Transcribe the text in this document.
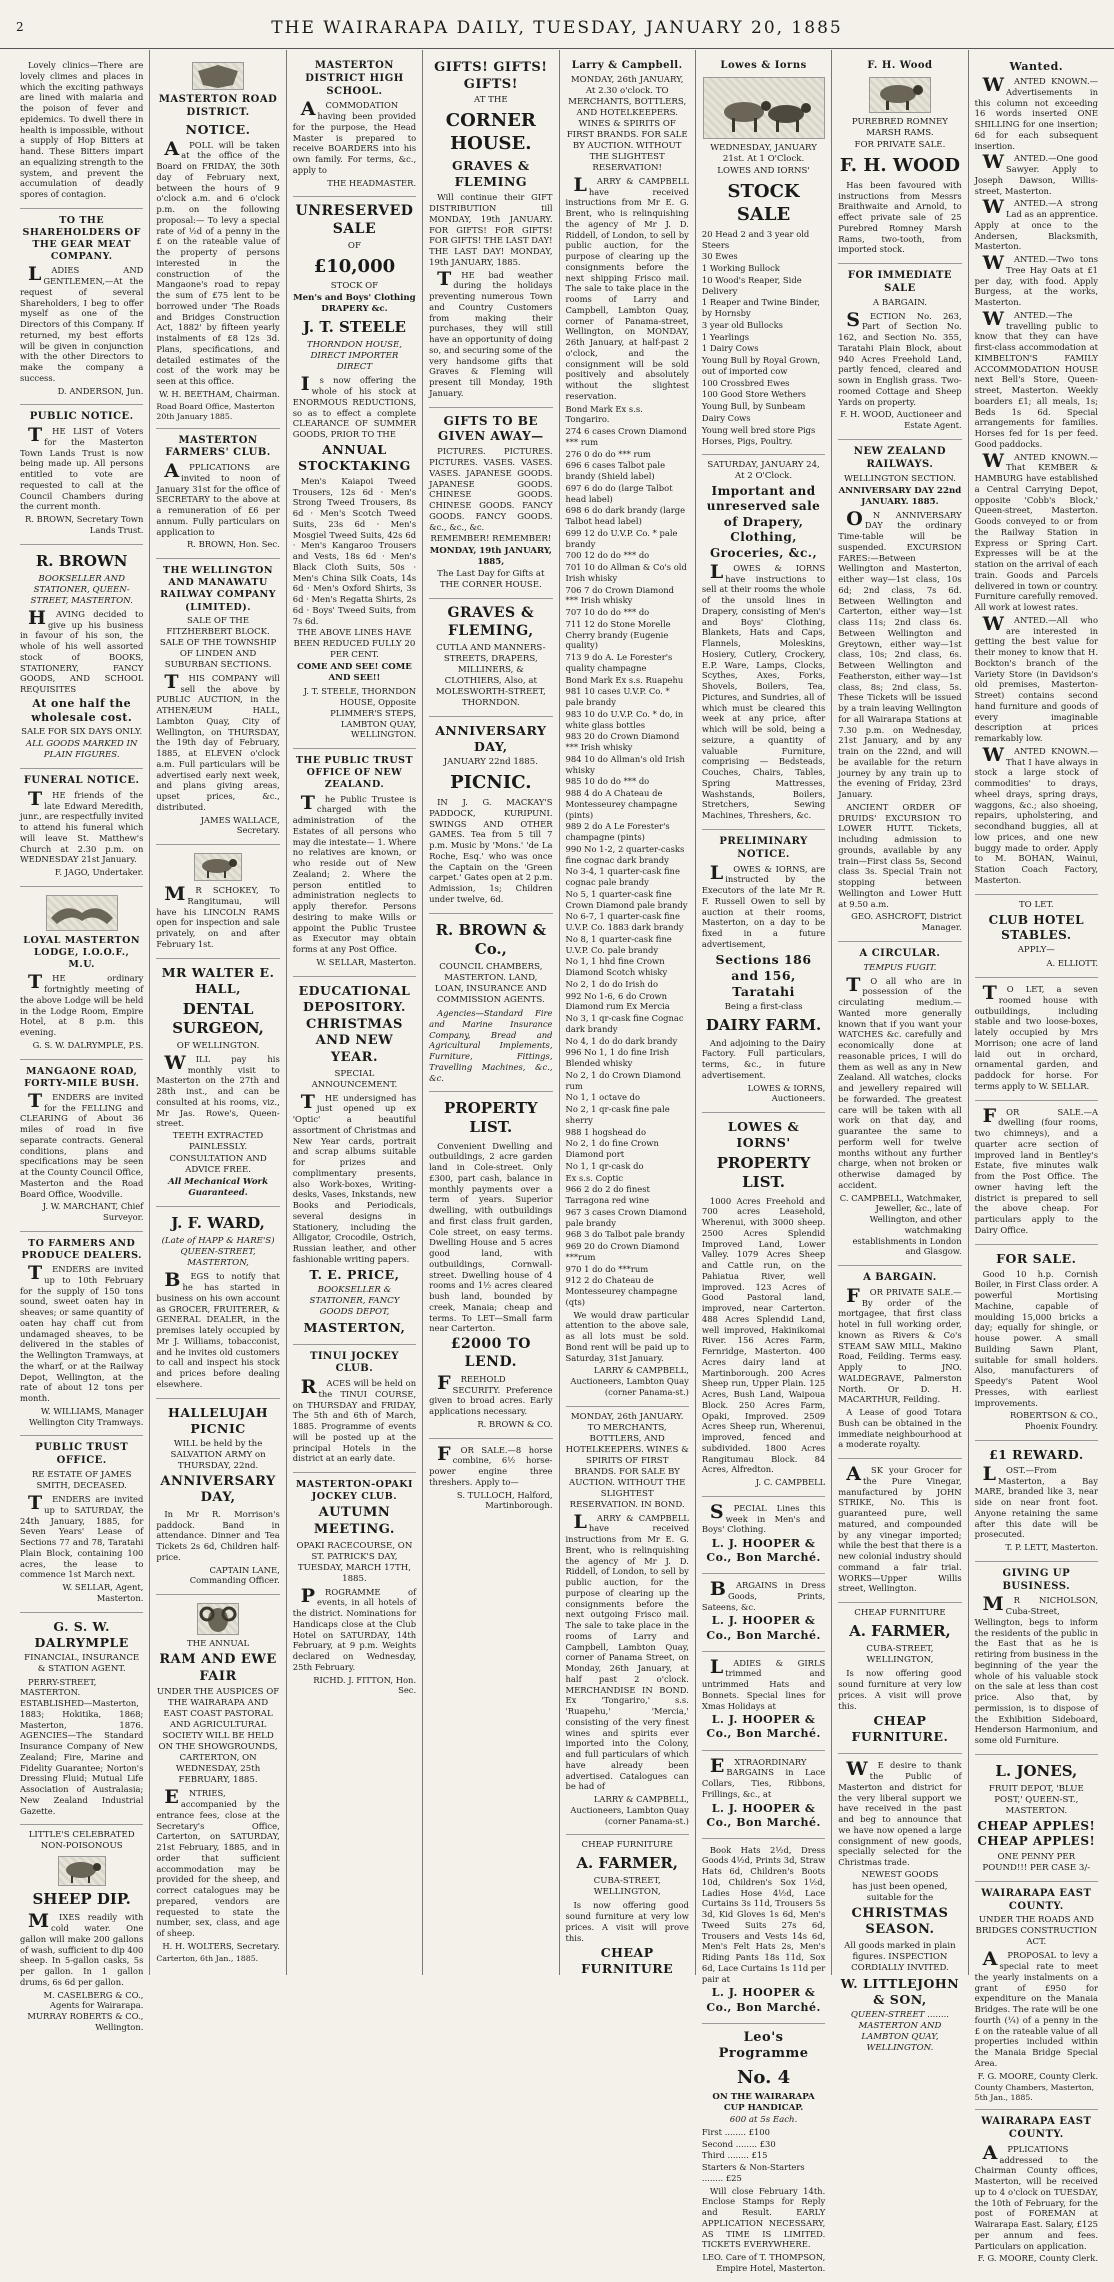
2	THE WAIRARAPA DAILY, TUESDAY, JANUARY 20, 1885

Lovely clinics—There are lovely climes and places in which the exciting pathways are lined with malaria and the poison of fever and epidemics. To dwell there in health is impossible, without a supply of Hop Bitters at hand. These Bitters impart an equalizing strength to the system, and prevent the accumulation of deadly spores of contagion.

TO THE SHAREHOLDERS OF THE GEAR MEAT COMPANY.

LADIES AND GENTLEMEN,—At the request of several Shareholders, I beg to offer myself as one of the Directors of this Company. If returned, my best efforts will be given in conjunction with the other Directors to make the company a success.

D. ANDERSON, Jun.
PUBLIC NOTICE.

THE LIST of Voters for the Masterton Town Lands Trust is now being made up. All persons entitled to vote are requested to call at the Council Chambers during the current month.

R. BROWN, Secretary Town Lands Trust.
R. BROWN
BOOKSELLER AND STATIONER, QUEEN-STREET, MASTERTON.

HAVING decided to give up his business in favour of his son, the whole of his well assorted stock of BOOKS, STATIONERY, FANCY GOODS, AND SCHOOL REQUISITES

At one half the wholesale cost.
SALE FOR SIX DAYS ONLY.
ALL GOODS MARKED IN PLAIN FIGURES.
FUNERAL NOTICE.

THE friends of the late Edward Meredith, junr., are respectfully invited to attend his funeral which will leave St. Matthew's Church at 2.30 p.m. on WEDNESDAY 21st January.

F. JAGO, Undertaker.
LOYAL MASTERTON LODGE, I.O.O.F., M.U.

THE ordinary fortnightly meeting of the above Lodge will be held in the Lodge Room, Empire Hotel, at 8 p.m. this evening.

G. S. W. DALRYMPLE, P.S.
MANGAONE ROAD, FORTY-MILE BUSH.

TENDERS are invited for the FELLING and CLEARING of About 36 miles of road in five separate contracts. General conditions, plans and specifications may be seen at the County Council Office, Masterton and the Road Board Office, Woodville.

J. W. MARCHANT, Chief Surveyor.
TO FARMERS AND PRODUCE DEALERS.

TENDERS are invited up to 10th February for the supply of 150 tons sound, sweet oaten hay in sheaves; or same quantity of oaten hay chaff cut from undamaged sheaves, to be delivered in the stables of the Wellington Tramways, at the wharf, or at the Railway Depot, Wellington, at the rate of about 12 tons per month.

W. WILLIAMS, Manager Wellington City Tramways.
PUBLIC TRUST OFFICE.
RE ESTATE OF JAMES SMITH, DECEASED.

TENDERS are invited up to SATURDAY, the 24th January, 1885, for Seven Years' Lease of Sections 77 and 78, Taratahi Plain Block, containing 100 acres, the lease to commence 1st March next.

W. SELLAR, Agent, Masterton.
G. S. W. DALRYMPLE
FINANCIAL, INSURANCE & STATION AGENT.

PERRY-STREET, MASTERTON. ESTABLISHED—Masterton, 1883; Hokitika, 1868; Masterton, 1876. AGENCIES—The Standard Insurance Company of New Zealand; Fire, Marine and Fidelity Guarantee; Norton's Dressing Fluid; Mutual Life Association of Australasia; New Zealand Industrial Gazette.

LITTLE'S CELEBRATED NON-POISONOUS
SHEEP DIP.

MIXES readily with cold water. One gallon will make 200 gallons of wash, sufficient to dip 400 sheep. In 5-gallon casks, 5s per gallon. In 1 gallon drums, 6s 6d per gallon.

M. CASELBERG & CO., Agents for Wairarapa. MURRAY ROBERTS & CO., Wellington.
MASTERTON ROAD DISTRICT.
NOTICE.

APOLL will be taken at the office of the Board on FRIDAY, the 30th day of February next, between the hours of 9 o'clock a.m. and 6 o'clock p.m. on the following proposal:— To levy a special rate of ½d of a penny in the £ on the rateable value of the property of persons interested in the construction of the Mangaone's road to repay the sum of £75 lent to be borrowed under 'The Roads and Bridges Construction Act, 1882' by fifteen yearly instalments of £8 12s 3d. Plans, specifications, and detailed estimates of the cost of the work may be seen at this office.

W. H. BEETHAM, Chairman.
Road Board Office, Masterton 20th January 1885.
MASTERTON FARMERS' CLUB.

APPLICATIONS are invited to noon of January 31st for the office of SECRETARY to the above at a remuneration of £6 per annum. Fully particulars on application to

R. BROWN, Hon. Sec.
THE WELLINGTON AND MANAWATU RAILWAY COMPANY (LIMITED).
SALE OF THE FITZHERBERT BLOCK. SALE OF THE TOWNSHIP OF LINDEN AND SUBURBAN SECTIONS.

THIS COMPANY will sell the above by PUBLIC AUCTION, in the ATHENÆUM HALL, Lambton Quay, City of Wellington, on THURSDAY, the 19th day of February, 1885, at ELEVEN o'clock a.m. Full particulars will be advertised early next week, and plans giving areas, upset prices, &c., distributed.

JAMES WALLACE, Secretary.

MR SCHOKEY, To Rangitumau, will have his LINCOLN RAMS open for inspection and sale privately, on and after February 1st.

MR WALTER E. HALL,
DENTAL SURGEON,
OF WELLINGTON.

WILL pay his monthly visit to Masterton on the 27th and 28th inst., and can be consulted at his rooms, viz., Mr Jas. Rowe's, Queen-street.

TEETH EXTRACTED PAINLESSLY.
CONSULTATION AND ADVICE FREE.
All Mechanical Work Guaranteed.
J. F. WARD,
(Late of HAPP & HARE'S) QUEEN-STREET, MASTERTON,

BEGS to notify that he has started in business on his own account as GROCER, FRUITERER, & GENERAL DEALER, in the premises lately occupied by Mr J. Williams, tobacconist, and he invites old customers to call and inspect his stock and prices before dealing elsewhere.

HALLELUJAH PICNIC
WILL be held by the SALVATION ARMY on THURSDAY, 22nd.
ANNIVERSARY DAY,

In Mr R. Morrison's paddock. Band in attendance. Dinner and Tea Tickets 2s 6d, Children half-price.

CAPTAIN LANE, Commanding Officer.
THE ANNUAL
RAM AND EWE FAIR
UNDER THE AUSPICES OF THE WAIRARAPA AND EAST COAST PASTORAL AND AGRICULTURAL SOCIETY WILL BE HELD ON THE SHOWGROUNDS, CARTERTON, ON WEDNESDAY, 25th FEBRUARY, 1885.

ENTRIES, accompanied by the entrance fees, close at the Secretary's Office, Carterton, on SATURDAY, 21st February, 1885, and in order that sufficient accommodation may be provided for the sheep, and correct catalogues may be prepared, vendors are requested to state the number, sex, class, and age of sheep.

H. H. WOLTERS, Secretary.
Carterton, 6th Jan., 1885.
MASTERTON DISTRICT HIGH SCHOOL.

ACOMMODATION having been provided for the purpose, the Head Master is prepared to receive BOARDERS into his own family. For terms, &c., apply to

THE HEADMASTER.
UNRESERVED SALE
OF
£10,000
STOCK OF
Men's and Boys' Clothing DRAPERY &c.
J. T. STEELE
THORNDON HOUSE, DIRECT IMPORTER DIRECT

Is now offering the whole of his stock at ENORMOUS REDUCTIONS, so as to effect a complete CLEARANCE OF SUMMER GOODS, PRIOR TO THE

ANNUAL STOCKTAKING

Men's Kaiapoi Tweed Trousers, 12s 6d · Men's Strong Tweed Trousers, 8s 6d · Men's Scotch Tweed Suits, 23s 6d · Men's Mosgiel Tweed Suits, 42s 6d · Men's Kangaroo Trousers and Vests, 18s 6d · Men's Black Cloth Suits, 50s · Men's China Silk Coats, 14s 6d · Men's Oxford Shirts, 3s 6d · Men's Regatta Shirts, 2s 6d · Boys' Tweed Suits, from 7s 6d.

THE ABOVE LINES HAVE BEEN REDUCED FULLY 20 PER CENT.
COME AND SEE! COME AND SEE!!
J. T. STEELE, THORNDON HOUSE, Opposite PLIMMER'S STEPS, LAMBTON QUAY, WELLINGTON.
THE PUBLIC TRUST OFFICE OF NEW ZEALAND.

The Public Trustee is charged with the administration of the Estates of all persons who may die intestate— 1. Where no relatives are known, or who reside out of New Zealand; 2. Where the person entitled to administration neglects to apply therefor. Persons desiring to make Wills or appoint the Public Trustee as Executor may obtain forms at any Post Office.

W. SELLAR, Masterton.
EDUCATIONAL DEPOSITORY.
CHRISTMAS AND NEW YEAR.
SPECIAL ANNOUNCEMENT.

THE undersigned has just opened up ex 'Optic' a beautiful assortment of Christmas and New Year cards, portrait and scrap albums suitable for prizes and complimentary presents, also Work-boxes, Writing-desks, Vases, Inkstands, new Books and Periodicals, several designs in Stationery, including the Alligator, Crocodile, Ostrich, Russian leather, and other fashionable writing papers.

T. E. PRICE,
BOOKSELLER & STATIONER, FANCY GOODS DEPOT,
MASTERTON,
TINUI JOCKEY CLUB.

RACES will be held on the TINUI COURSE, on THURSDAY and FRIDAY, The 5th and 6th of March, 1885. Programme of events will be posted up at the principal Hotels in the district at an early date.

MASTERTON-OPAKI JOCKEY CLUB.
AUTUMN MEETING.
OPAKI RACECOURSE, ON ST. PATRICK'S DAY, TUESDAY, MARCH 17TH, 1885.

PROGRAMME of events, in all hotels of the district. Nominations for Handicaps close at the Club Hotel on SATURDAY, 14th February, at 9 p.m. Weights declared on Wednesday, 25th February.

RICHD. J. FITTON, Hon. Sec.
GIFTS! GIFTS! GIFTS!
AT THE
CORNER HOUSE.
GRAVES & FLEMING

Will continue their GIFT DISTRIBUTION till MONDAY, 19th JANUARY. FOR GIFTS! FOR GIFTS! FOR GIFTS! THE LAST DAY! THE LAST DAY! MONDAY, 19th JANUARY, 1885.

THE bad weather during the holidays preventing numerous Town and Country Customers from making their purchases, they will still have an opportunity of doing so, and securing some of the very handsome gifts that Graves & Fleming will present till Monday, 19th January.

GIFTS TO BE GIVEN AWAY—

PICTURES. PICTURES. PICTURES. VASES. VASES. VASES. JAPANESE GOODS. JAPANESE GOODS. CHINESE GOODS. CHINESE GOODS. FANCY GOODS. FANCY GOODS. &c., &c., &c.

REMEMBER! REMEMBER!
MONDAY, 19th JANUARY, 1885,
The Last Day for Gifts at THE CORNER HOUSE.
GRAVES & FLEMING,
CUTLA AND MANNERS-STREETS, DRAPERS, MILLINERS, & CLOTHIERS, Also, at MOLESWORTH-STREET, THORNDON.
ANNIVERSARY DAY,
JANUARY 22nd 1885.
PICNIC.

IN J. G. MACKAY'S PADDOCK, KURIPUNI. SWINGS AND OTHER GAMES. Tea from 5 till 7 p.m. Music by 'Mons.' 'de La Roche, Esq.' who was once the Captain on the 'Green carpet.' Gates open at 2 p.m. Admission, 1s; Children under twelve, 6d.

R. BROWN & Co.,
COUNCIL CHAMBERS, MASTERTON. LAND, LOAN, INSURANCE AND COMMISSION AGENTS.

Agencies—Standard Fire and Marine Insurance Company, Bread and Agricultural Implements, Furniture, Fittings, Travelling Machines, &c., &c.

PROPERTY LIST.

Convenient Dwelling and outbuildings, 2 acre garden land in Cole-street. Only £300, part cash, balance in monthly payments over a term of years. Superior dwelling, with outbuildings and first class fruit garden, Cole street, on easy terms. Dwelling House and 5 acres good land, with outbuildings, Cornwall-street. Dwelling house of 4 rooms and 1½ acres cleared bush land, bounded by creek, Manaia; cheap and terms. To LET—Small farm near Carterton.

£2000 TO LEND.

FREEHOLD SECURITY. Preference given to broad acres. Early applications necessary.

R. BROWN & CO.

FOR SALE.—8 horse combine, 6½ horse-power engine three threshers. Apply to—

S. TULLOCH, Halford, Martinborough.
Larry & Campbell.
MONDAY, 26th JANUARY, At 2.30 o'clock. TO MERCHANTS, BOTTLERS, AND HOTELKEEPERS. WINES & SPIRITS OF FIRST BRANDS. FOR SALE BY AUCTION. WITHOUT THE SLIGHTEST RESERVATION!

LARRY & CAMPBELL have received instructions from Mr E. G. Brent, who is relinquishing the agency of Mr J. D. Riddell, of London, to sell by public auction, for the purpose of clearing up the consignments before the next shipping Frisco mail. The sale to take place in the rooms of Larry and Campbell, Lambton Quay, corner of Panama-street, Wellington, on MONDAY, 26th January, at half-past 2 o'clock, and the consignment will be sold positively and absolutely without the slightest reservation.

Bond Mark Ex s.s. Tongariro.
274 6 cases Crown Diamond *** rum
276 0 do do *** rum
696 6 cases Talbot pale brandy (Shield label)
697 6 do do (large Talbot head label)
698 6 do dark brandy (large Talbot head label)
699 12 do U.V.P. Co. * pale brandy
700 12 do do *** do
701 10 do Allman & Co's old Irish whisky
706 7 do Crown Diamond *** Irish whisky
707 10 do do *** do
711 12 do Stone Morelle Cherry brandy (Eugenie quality)
713 9 do A. Le Forester's quality champagne
Bond Mark Ex s.s. Ruapehu
981 10 cases U.V.P. Co. * pale brandy
983 10 do U.V.P. Co. * do, in white glass bottles
983 20 do Crown Diamond *** Irish whisky
984 10 do Allman's old Irish whisky
985 10 do do *** do
988 4 do A Chateau de Montesseurey champagne (pints)
989 2 do A Le Forester's champagne (pints)
990 No 1-2, 2 quarter-casks fine cognac dark brandy
No 3-4, 1 quarter-cask fine cognac pale brandy
No 5, 1 quarter-cask fine Crown Diamond pale brandy
No 6-7, 1 quarter-cask fine U.V.P. Co. 1883 dark brandy
No 8, 1 quarter-cask fine U.V.P. Co. pale brandy
No 1, 1 hhd fine Crown Diamond Scotch whisky
No 2, 1 do do Irish do
992 No 1-6, 6 do Crown Diamond rum Ex Mercia
No 3, 1 qr-cask fine Cognac dark brandy
No 4, 1 do do dark brandy
996 No 1, 1 do fine Irish Blended whisky
No 2, 1 do Crown Diamond rum
No 1, 1 octave do
No 2, 1 qr-cask fine pale sherry
988 1 hogshead do
No 2, 1 do fine Crown Diamond port
No 1, 1 qr-cask do
Ex s.s. Coptic
966 2 do 2 do finest Tarragona red wine
967 3 cases Crown Diamond pale brandy
968 3 do Talbot pale brandy
969 20 do Crown Diamond ***rum
970 1 do do ***rum
912 2 do Chateau de Montesseurey champagne (qts)

We would draw particular attention to the above sale, as all lots must be sold. Bond rent will be paid up to Saturday, 31st January.

LARRY & CAMPBELL, Auctioneers, Lambton Quay (corner Panama-st.)
MONDAY, 26th JANUARY. TO MERCHANTS, BOTTLERS, AND HOTELKEEPERS. WINES & SPIRITS OF FIRST BRANDS. FOR SALE BY AUCTION. WITHOUT THE SLIGHTEST RESERVATION. IN BOND.

LARRY & CAMPBELL have received instructions from Mr E. G. Brent, who is relinquishing the agency of Mr J. D. Riddell, of London, to sell by public auction, for the purpose of clearing up the consignments before the next outgoing Frisco mail. The sale to take place in the rooms of Larry and Campbell, Lambton Quay, corner of Panama Street, on Monday, 26th January, at half past 2 o'clock. MERCHANDISE IN BOND. Ex 'Tongariro,' s.s. 'Ruapehu,' 'Mercia,' consisting of the very finest wines and spirits ever imported into the Colony, and full particulars of which have already been advertised. Catalogues can be had of

LARRY & CAMPBELL, Auctioneers, Lambton Quay (corner Panama-st.)
CHEAP FURNITURE
A. FARMER,
CUBA-STREET, WELLINGTON,

Is now offering good sound furniture at very low prices. A visit will prove this.

CHEAP FURNITURE
Lowes & Iorns
WEDNESDAY, JANUARY 21st. At 1 O'Clock.
LOWES AND IORNS'
STOCK SALE
20 Head 2 and 3 year old Steers
30 Ewes
1 Working Bullock
10 Wood's Reaper, Side Delivery
1 Reaper and Twine Binder, by Hornsby
3 year old Bullocks
1 Yearlings
1 Dairy Cows
Young Bull by Royal Grown, out of imported cow
100 Crossbred Ewes
100 Good Store Wethers
Young Bull, by Sunbeam
Dairy Cows
Young well bred store Pigs
Horses, Pigs, Poultry.
SATURDAY, JANUARY 24, At 2 O'Clock.
Important and unreserved sale of Drapery, Clothing, Groceries, &c.,

LOWES & IORNS have instructions to sell at their rooms the whole of the unsold lines in Drapery, consisting of Men's and Boys' Clothing, Blankets, Hats and Caps, Flannels, Moleskins, Hosiery, Cutlery, Crockery, E.P. Ware, Lamps, Clocks, Scythes, Axes, Forks, Shovels, Boilers, Tea, Pictures, and Sundries, all of which must be cleared this week at any price, after which will be sold, being a seizure, a quantity of valuable Furniture, comprising — Bedsteads, Couches, Chairs, Tables, Spring Mattresses, Washstands, Boilers, Stretchers, Sewing Machines, Threshers, &c.

PRELIMINARY NOTICE.

LOWES & IORNS, are instructed by the Executors of the late Mr R. F. Russell Owen to sell by auction at their rooms, Masterton, on a day to be fixed in a future advertisement,

Sections 186 and 156, Taratahi
Being a first-class
DAIRY FARM.

And adjoining to the Dairy Factory. Full particulars, terms, &c., in future advertisement.

LOWES & IORNS, Auctioneers.
LOWES & IORNS'
PROPERTY LIST.

1000 Acres Freehold and 700 acres Leasehold, Wherenui, with 3000 sheep. 2500 Acres Splendid Improved Land, Lower Valley. 1079 Acres Sheep and Cattle run, on the Pahiatua River, well improved. 123 Acres of Good Pastoral land, improved, near Carterton. 488 Acres Splendid Land, well improved, Hakinikomai River. 156 Acres Farm, Fernridge, Masterton. 400 Acres dairy land at Martinborough. 200 Acres Sheep run, Upper Plain. 125 Acres, Bush Land, Waipoua Block. 250 Acres Farm, Opaki, Improved. 2509 Acres Sheep run, Wherenui, improved, fenced and subdivided. 1800 Acres Rangitumau Block. 84 Acres, Alfredton.

J. C. CAMPBELL

SPECIAL Lines this week in Men's and Boys' Clothing.

L. J. HOOPER & Co., Bon Marché.

BARGAINS in Dress Goods, Prints, Sateens, &c.

L. J. HOOPER & Co., Bon Marché.

LADIES & GIRLS trimmed and untrimmed Hats and Bonnets. Special lines for Xmas Holidays at

L. J. HOOPER & Co., Bon Marché.

EXTRAORDINARY BARGAINS in Lace Collars, Ties, Ribbons, Frillings, &c., at

L. J. HOOPER & Co., Bon Marché.

Book Hats 2½d, Dress Goods 4½d, Prints 3d, Straw Hats 6d, Children's Boots 10d, Children's Sox 1½d, Ladies Hose 4½d, Lace Curtains 3s 11d, Trousers 5s 3d, Kid Gloves 1s 6d, Men's Tweed Suits 27s 6d, Trousers and Vests 14s 6d, Men's Felt Hats 2s, Men's Riding Pants 18s 11d, Sox 6d, Lace Curtains 1s 11d per pair at

L. J. HOOPER & Co., Bon Marché.
Leo's Programme
No. 4
ON THE WAIRARAPA CUP HANDICAP.
600 at 5s Each.
First ........ £100
Second ........ £30
Third ........ £15
Starters & Non-Starters ........ £25

Will close February 14th. Enclose Stamps for Reply and Result. EARLY APPLICATION NECESSARY, AS TIME IS LIMITED. TICKETS EVERYWHERE.

LEO. Care of T. THOMPSON, Empire Hotel, Masterton.
F. H. Wood
PUREBRED ROMNEY MARSH RAMS.
FOR PRIVATE SALE.
F. H. WOOD

Has been favoured with instructions from Messrs Braithwaite and Arnold, to effect private sale of 25 Purebred Romney Marsh Rams, two-tooth, from imported stock.

FOR IMMEDIATE SALE
A BARGAIN.

SECTION No. 263, Part of Section No. 162, and Section No. 355, Taratahi Plain Block, about 940 Acres Freehold Land, partly fenced, cleared and sown in English grass. Two-roomed Cottage and Sheep Yards on property.

F. H. WOOD, Auctioneer and Estate Agent.
NEW ZEALAND RAILWAYS.
WELLINGTON SECTION.
ANNIVERSARY DAY 22nd JANUARY. 1885.

ON ANNIVERSARY DAY the ordinary Time-table will be suspended. EXCURSION FARES:—Between Wellington and Masterton, either way—1st class, 10s 6d; 2nd class, 7s 6d. Between Wellington and Carterton, either way—1st class 11s; 2nd class 6s. Between Wellington and Greytown, either way—1st class, 10s; 2nd class, 6s. Between Wellington and Featherston, either way—1st class, 8s; 2nd class, 5s. These Tickets will be issued by a train leaving Wellington for all Wairarapa Stations at 7.30 p.m. on Wednesday, 21st January, and by any train on the 22nd, and will be available for the return journey by any train up to the evening of Friday, 23rd January.

ANCIENT ORDER OF DRUIDS' EXCURSION TO LOWER HUTT. Tickets, including admission to grounds, available by any train—First class 5s, Second class 3s. Special Train not stopping between Wellington and Lower Hutt at 9.50 a.m.

GEO. ASHCROFT, District Manager.
A CIRCULAR.
TEMPUS FUGIT.

TO all who are in possession of the circulating medium.—Wanted more generally known that if you want your WATCHES &c. carefully and economically done at reasonable prices, I will do them as well as any in New Zealand. All watches, clocks and jewellery repaired will be forwarded. The greatest care will be taken with all work on that day, and guarantee the same to perform well for twelve months without any further charge, when not broken or otherwise damaged by accident.

C. CAMPBELL, Watchmaker, Jeweller, &c., late of Wellington, and other watchmaking establishments in London and Glasgow.
A BARGAIN.

FOR PRIVATE SALE.—By order of the mortgagee, that first class hotel in full working order, known as Rivers & Co's STEAM SAW MILL, Makino Road, Feilding. Terms easy. Apply to JNO. WALDEGRAVE, Palmerston North. Or D. H. MACARTHUR, Feilding.

A Lease of good Totara Bush can be obtained in the immediate neighbourhood at a moderate royalty.

ASK your Grocer for the Pure Vinegar, manufactured by JOHN STRIKE, No. This is guaranteed pure, well matured, and compounded by any vinegar imported; while the best that there is a new colonial industry should command a fair trial. WORKS—Upper Willis street, Wellington.

CHEAP FURNITURE
A. FARMER,
CUBA-STREET, WELLINGTON,

Is now offering good sound furniture at very low prices. A visit will prove this.

CHEAP FURNITURE.

WE desire to thank the Public of Masterton and district for the very liberal support we have received in the past and beg to announce that we have now opened a large consignment of new goods, specially selected for the Christmas trade.

NEWEST GOODS
has just been opened, suitable for the
CHRISTMAS SEASON.
All goods marked in plain figures. INSPECTION CORDIALLY INVITED.
W. LITTLEJOHN & SON,
QUEEN-STREET ........ MASTERTON AND LAMBTON QUAY, WELLINGTON.
Wanted.

WANTED KNOWN.—Advertisements in this column not exceeding 16 words inserted ONE SHILLING for one insertion; 6d for each subsequent insertion.

WANTED.—One good Sawyer. Apply to Joseph Dawson, Willis-street, Masterton.

WANTED.—A strong Lad as an apprentice. Apply at once to the Andersen, Blacksmith, Masterton.

WANTED.—Two tons Tree Hay Oats at £1 per day, with food. Apply Burgess, at the works, Masterton.

WANTED.—The travelling public to know that they can have first-class accommodation at KIMBELTON'S FAMILY ACCOMMODATION HOUSE next Bell's Store, Queen-street, Masterton. Weekly boarders £1; all meals, 1s; Beds 1s 6d. Special arrangements for families. Horses fed for 1s per feed. Good paddocks.

WANTED KNOWN.—That KEMBER & HAMBURG have established a Central Carrying Depot, opposite 'Cobb's Block,' Queen-street, Masterton. Goods conveyed to or from the Railway Station in Express or Spring Cart. Expresses will be at the station on the arrival of each train. Goods and Parcels delivered in town or country. Furniture carefully removed. All work at lowest rates.

WANTED.—All who are interested in getting the best value for their money to know that H. Bockton's branch of the Variety Store (in Davidson's old premises, Masterton-Street) contains second hand furniture and goods of every imaginable description at prices remarkably low.

WANTED KNOWN.—That I have always in stock a large stock of commodities' to drays, wheel drays, spring drays, waggons, &c.; also shoeing, repairs, upholstering, and secondhand buggies, all at low prices, and one new buggy made to order. Apply to M. BOHAN, Wainui, Station Coach Factory, Masterton.

TO LET.
CLUB HOTEL STABLES.
APPLY—
A. ELLIOTT.

TO LET, a seven roomed house with outbuildings, including stable and two loose-boxes, lately occupied by Mrs Morrison; one acre of land laid out in orchard, ornamental garden, and paddock for horse. For terms apply to W. SELLAR.

FOR SALE.—A dwelling (four rooms, two chimneys), and a quarter acre section of improved land in Bentley's Estate, five minutes walk from the Post Office. The owner having left the district is prepared to sell the above cheap. For particulars apply to the Dairy Office.

FOR SALE.

Good 10 h.p. Cornish Boiler, in First Class order. A powerful Mortising Machine, capable of moulding 15,000 bricks a day; equally for shingle, or house power. A small Building Sawn Plant, suitable for small holders. Also, manufacturers of Speedy's Patent Wool Presses, with earliest improvements.

ROBERTSON & CO., Phoenix Foundry.
£1 REWARD.

LOST.—From Masterton, a Bay MARE, branded like 3, near side on near front foot. Anyone retaining the same after this date will be prosecuted.

T. P. LETT, Masterton.
GIVING UP BUSINESS.

MR NICHOLSON, Cuba-Street, Wellington, begs to inform the residents of the public in the East that as he is retiring from business in the beginning of the year the whole of his valuable stock on the sale at less than cost price. Also that, by permission, is to dispose of the Exhibition Sideboard, Henderson Harmonium, and some old Furniture.

L. JONES,
FRUIT DEPOT, 'BLUE POST,' QUEEN-ST., MASTERTON.
CHEAP APPLES! CHEAP APPLES!
ONE PENNY PER POUND!!! PER CASE 3/-
WAIRARAPA EAST COUNTY.
UNDER THE ROADS AND BRIDGES CONSTRUCTION ACT.

APROPOSAL to levy a special rate to meet the yearly instalments on a grant of £950 for expenditure on the Manaia Bridges. The rate will be one fourth (¼) of a penny in the £ on the rateable value of all properties included within the Manaia Bridge Special Area.

F. G. MOORE, County Clerk.
County Chambers, Masterton, 5th Jan., 1885.
WAIRARAPA EAST COUNTY.

APPLICATIONS addressed to the Chairman County offices, Masterton, will be received up to 4 o'clock on TUESDAY, the 10th of February, for the post of FOREMAN at Wairarapa East. Salary, £125 per annum and fees. Particulars on application.

F. G. MOORE, County Clerk.
